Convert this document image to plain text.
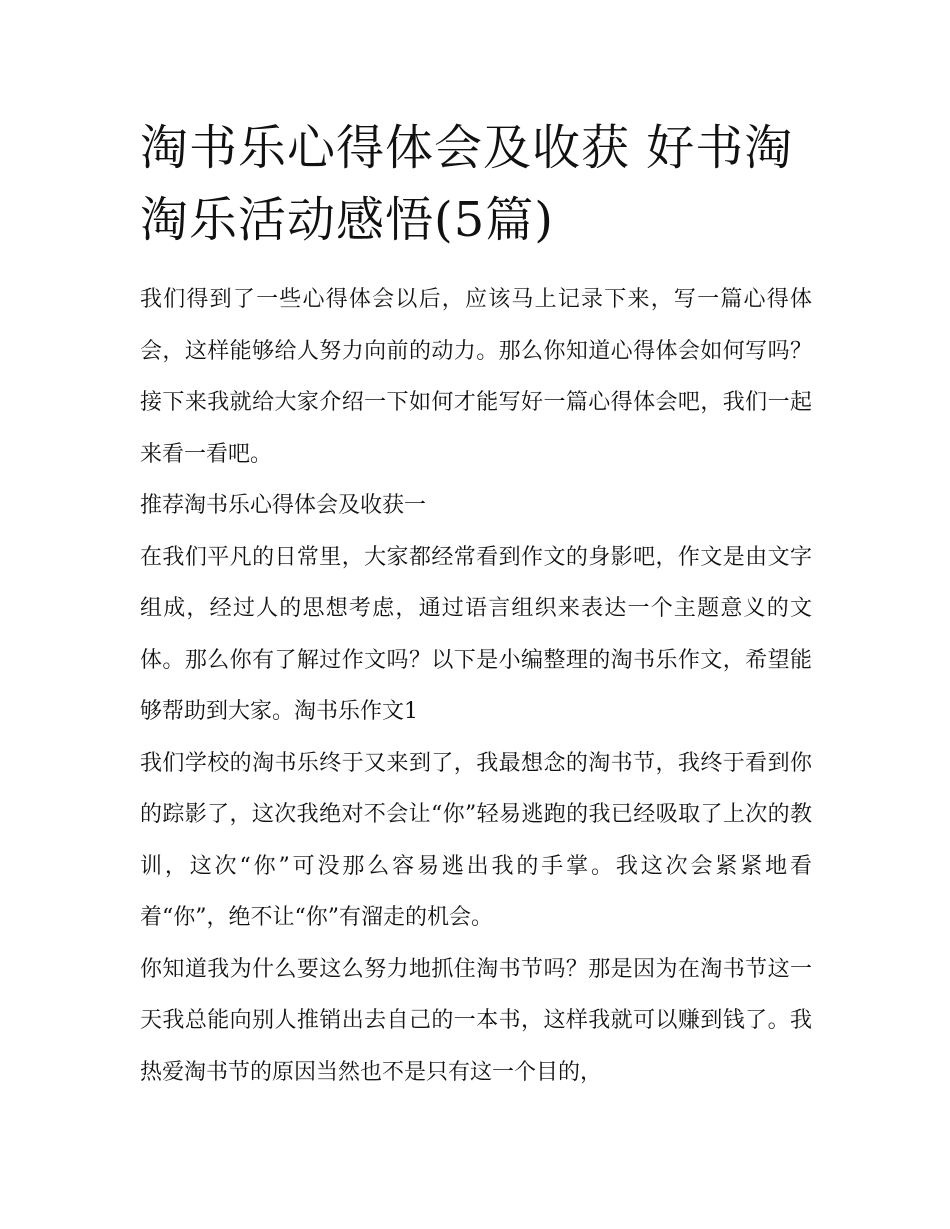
淘书乐心得体会及收获 好书淘淘乐活动感悟(5篇)

我们得到了一些心得体会以后，应该马上记录下来，写一篇心得体会，这样能够给人努力向前的动力。那么你知道心得体会如何写吗？接下来我就给大家介绍一下如何才能写好一篇心得体会吧，我们一起来看一看吧。

推荐淘书乐心得体会及收获一

在我们平凡的日常里，大家都经常看到作文的身影吧，作文是由文字组成，经过人的思想考虑，通过语言组织来表达一个主题意义的文体。那么你有了解过作文吗？以下是小编整理的淘书乐作文，希望能够帮助到大家。淘书乐作文1

我们学校的淘书乐终于又来到了，我最想念的淘书节，我终于看到你的踪影了，这次我绝对不会让“你”轻易逃跑的我已经吸取了上次的教训，这次“你”可没那么容易逃出我的手掌。我这次会紧紧地看着“你”，绝不让“你”有溜走的机会。

你知道我为什么要这么努力地抓住淘书节吗？那是因为在淘书节这一天我总能向别人推销出去自己的一本书，这样我就可以赚到钱了。我热爱淘书节的原因当然也不是只有这一个目的，
